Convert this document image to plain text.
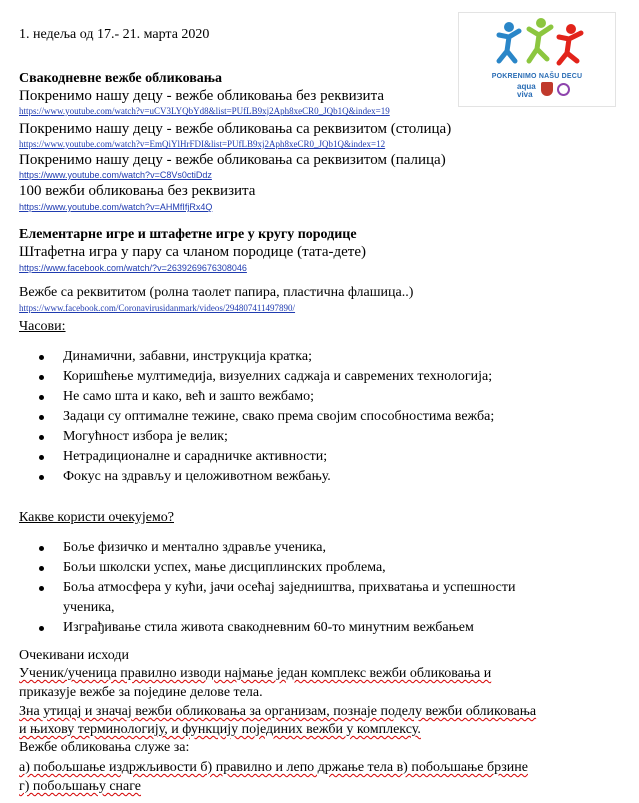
1. недеља од 17.- 21. марта 2020
POKRENIMO NAŠU DECU
aqua
viva
Свакодневне вежбе обликовања
Покренимо нашу децу - вежбе обликовања без реквизита
https://www.youtube.com/watch?v=uCV3LYQbYd8&list=PUfLB9xj2Aph8xeCR0_JQb1Q&index=19
Покренимо нашу децу - вежбе обликовања са реквизитом (столица)
https://www.youtube.com/watch?v=EmQiYlHrFDI&list=PUfLB9xj2Aph8xeCR0_JQb1Q&index=12
Покренимо нашу децу - вежбе обликовања са реквизитом (палица)
https://www.youtube.com/watch?v=C8Vs0ctiDdz
100 вежби обликовања без реквизита
https://www.youtube.com/watch?v=AHMfIfjRx4Q
Елементарне игре и штафетне игре у кругу породице
Штафетна игра у пару са чланом породице (тата-дете)
https://www.facebook.com/watch/?v=2639269676308046
Вежбе са реквититом (ролна таолет папира, пластична флашица..)
https://www.facebook.com/Coronavirusidanmark/videos/294807411497890/
Часови:
Динамични, забавни, инструкција кратка;
Коришћење мултимедија, визуелних саджаја и савремених технологија;
Не само шта и како, већ и зашто вежбамо;
Задаци су оптималне тежине, свако према својим способностима вежба;
Могућност избора је велик;
Нетрадиционалне и сарадничке активности;
Фокус на здрављу и целоживотном вежбању.
Какве користи очекујемо?
Боље физичко и ментално здравље ученика,
Бољи школски успех, мање дисциплинских проблема,
Боља атмосфера у кући, јачи осећај заједништва, прихватања и успешности
ученика,
Изграђивање стила живота свакодневним 60-то минутним вежбањем
Очекивани исходи
Ученик/ученица правилно изводи најмање један комплекс вежби обликовања и
приказује вежбе за поједине делове тела.
Зна утицај и значај вежби обликовања за организам, познаје поделу вежби обликовања
и њихову терминологију, и функцију појединих вежби у комплексу.
Вежбе обликовања служе за:
а) побољшање издржљивости б) правилно и лепо држање тела в) побољшање брзине
г) побољшању снаге
